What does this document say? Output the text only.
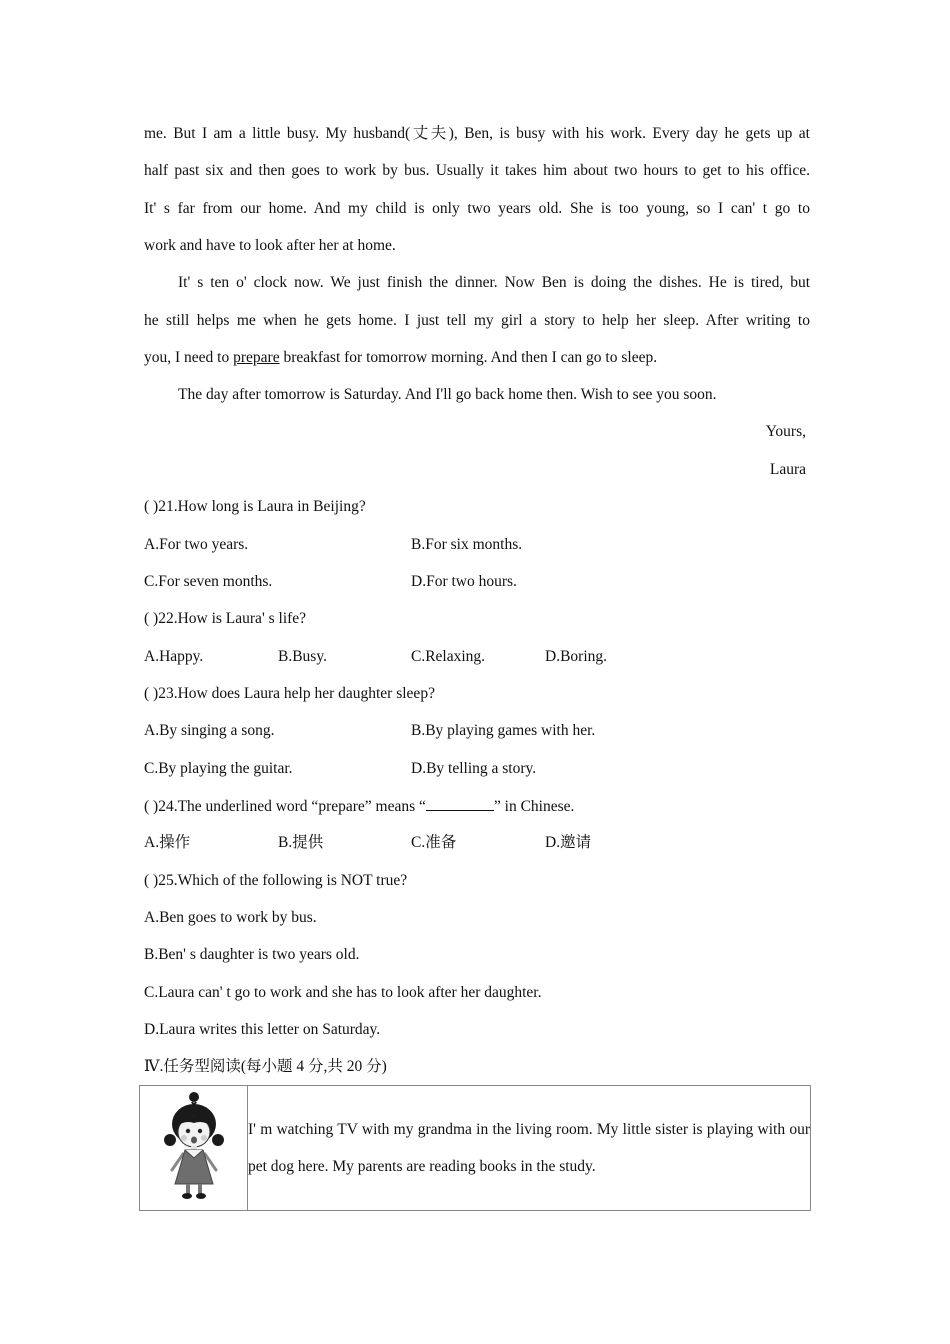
me. But I am a little busy. My husband(丈夫), Ben, is busy with his work. Every day he gets up at
half past six and then goes to work by bus. Usually it takes him about two hours to get to his office.
It' s far from our home. And my child is only two years old. She is too young, so I can' t go to
work and have to look after her at home.
It' s ten o' clock now. We just finish the dinner. Now Ben is doing the dishes. He is tired, but
he still helps me when he gets home. I just tell my girl a story to help her sleep. After writing to
you, I need to prepare breakfast for tomorrow morning. And then I can go to sleep.
The day after tomorrow is Saturday. And I'll go back home then. Wish to see you soon.
Yours,
Laura
( )21.How long is Laura in Beijing?
A.For two years.	B.For six months.
C.For seven months.	D.For two hours.
( )22.How is Laura' s life?
A.Happy.	B.Busy.	C.Relaxing.	D.Boring.
( )23.How does Laura help her daughter sleep?
A.By singing a song.	B.By playing games with her.
C.By playing the guitar.	D.By telling a story.
( )24.The underlined word “prepare” means “	” in Chinese.
A.操作	B.提供	C.准备	D.邀请
( )25.Which of the following is NOT true?
A.Ben goes to work by bus.
B.Ben' s daughter is two years old.
C.Laura can' t go to work and she has to look after her daughter.
D.Laura writes this letter on Saturday.
Ⅳ.任务型阅读(每小题 4 分,共 20 分)
	I' m watching TV with my grandma in the living room. My little sister is playing with our pet dog here. My parents are reading books in the study.
